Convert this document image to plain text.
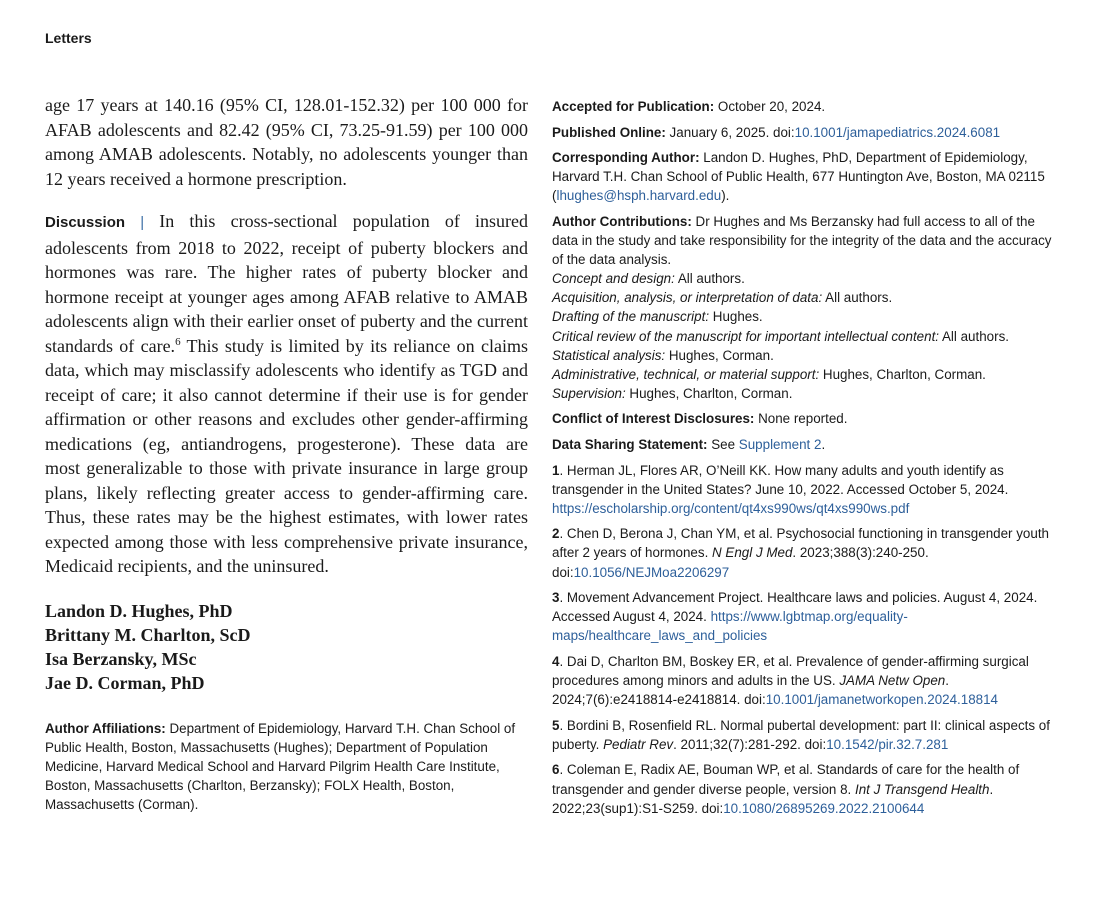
Letters

age 17 years at 140.16 (95% CI, 128.01-152.32) per 100 000 for AFAB adolescents and 82.42 (95% CI, 73.25-91.59) per 100 000 among AMAB adolescents. Notably, no adolescents younger than 12 years received a hormone prescription.

Discussion | In this cross-sectional population of insured adolescents from 2018 to 2022, receipt of puberty blockers and hormones was rare. The higher rates of puberty blocker and hormone receipt at younger ages among AFAB relative to AMAB adolescents align with their earlier onset of puberty and the current standards of care.$^6$ This study is limited by its reliance on claims data, which may misclassify adolescents who identify as TGD and receipt of care; it also cannot determine if their use is for gender affirmation or other reasons and excludes other gender-affirming medications (eg, antiandrogens, progesterone). These data are most generalizable to those with private insurance in large group plans, likely reflecting greater access to gender-affirming care. Thus, these rates may be the highest estimates, with lower rates expected among those with less comprehensive private insurance, Medicaid recipients, and the uninsured.

Landon D. Hughes, PhD
Brittany M. Charlton, ScD
Isa Berzansky, MSc
Jae D. Corman, PhD
Author Affiliations: Department of Epidemiology, Harvard T.H. Chan School of Public Health, Boston, Massachusetts (Hughes); Department of Population Medicine, Harvard Medical School and Harvard Pilgrim Health Care Institute, Boston, Massachusetts (Charlton, Berzansky); FOLX Health, Boston, Massachusetts (Corman).
Accepted for Publication: October 20, 2024.
Published Online: January 6, 2025. doi:10.1001/jamapediatrics.2024.6081
Corresponding Author: Landon D. Hughes, PhD, Department of Epidemiology, Harvard T.H. Chan School of Public Health, 677 Huntington Ave, Boston, MA 02115 (lhughes@hsph.harvard.edu).
Author Contributions: Dr Hughes and Ms Berzansky had full access to all of the data in the study and take responsibility for the integrity of the data and the accuracy of the data analysis.
Concept and design: All authors.
Acquisition, analysis, or interpretation of data: All authors.
Drafting of the manuscript: Hughes.
Critical review of the manuscript for important intellectual content: All authors.
Statistical analysis: Hughes, Corman.
Administrative, technical, or material support: Hughes, Charlton, Corman.
Supervision: Hughes, Charlton, Corman.
Conflict of Interest Disclosures: None reported.
Data Sharing Statement: See Supplement 2.
1. Herman JL, Flores AR, O’Neill KK. How many adults and youth identify as transgender in the United States? June 10, 2022. Accessed October 5, 2024. https://escholarship.org/content/qt4xs990ws/qt4xs990ws.pdf
2. Chen D, Berona J, Chan YM, et al. Psychosocial functioning in transgender youth after 2 years of hormones. N Engl J Med. 2023;388(3):240-250. doi:10.1056/NEJMoa2206297
3. Movement Advancement Project. Healthcare laws and policies. August 4, 2024. Accessed August 4, 2024. https://www.lgbtmap.org/equality-maps/healthcare_laws_and_policies
4. Dai D, Charlton BM, Boskey ER, et al. Prevalence of gender-affirming surgical procedures among minors and adults in the US. JAMA Netw Open. 2024;7(6):e2418814-e2418814. doi:10.1001/jamanetworkopen.2024.18814
5. Bordini B, Rosenfield RL. Normal pubertal development: part II: clinical aspects of puberty. Pediatr Rev. 2011;32(7):281-292. doi:10.1542/pir.32.7.281
6. Coleman E, Radix AE, Bouman WP, et al. Standards of care for the health of transgender and gender diverse people, version 8. Int J Transgend Health. 2022;23(sup1):S1-S259. doi:10.1080/26895269.2022.2100644
